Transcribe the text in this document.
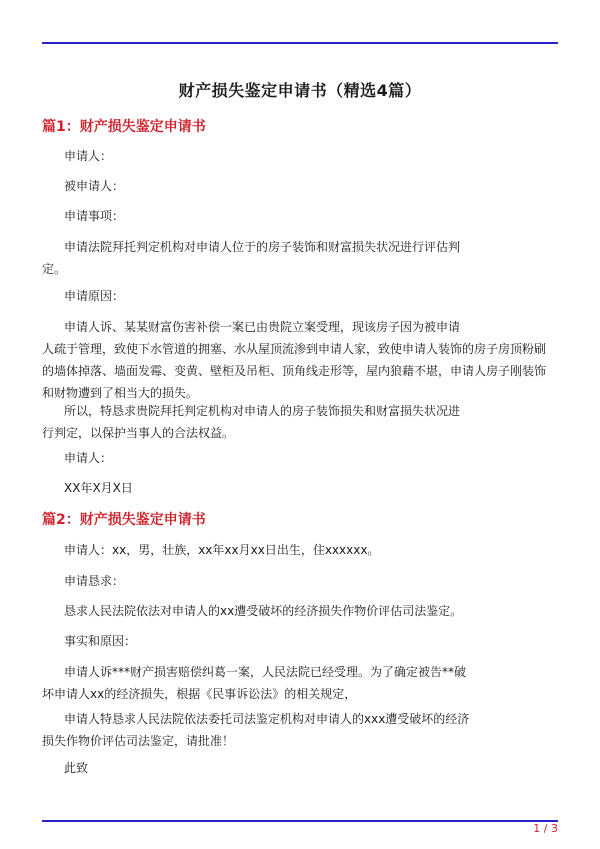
财产损失鉴定申请书（精选4篇）
篇1：财产损失鉴定申请书
申请人：
被申请人：
申请事项：
申请法院拜托判定机构对申请人位于的房子装饰和财富损失状况进行评估判
定。
申请原因：
申请人诉、某某财富伤害补偿一案已由贵院立案受理，现该房子因为被申请
人疏于管理，致使下水管道的拥塞、水从屋顶流渗到申请人家，致使申请人装饰的房子房顶粉刷
的墙体掉落、墙面发霉、变黄、壁柜及吊柜、顶角线走形等，屋内狼藉不堪，申请人房子刚装饰
和财物遭到了相当大的损失。
所以，特恳求贵院拜托判定机构对申请人的房子装饰损失和财富损失状况进
行判定，以保护当事人的合法权益。
申请人：
XX年X月X日
篇2：财产损失鉴定申请书
申请人：xx，男，壮族，xx年xx月xx日出生，住xxxxxx。
申请恳求：
恳求人民法院依法对申请人的xx遭受破坏的经济损失作物价评估司法鉴定。
事实和原因：
申请人诉***财产损害赔偿纠葛一案，人民法院已经受理。为了确定被告**破
坏申请人xx的经济损失，根据《民事诉讼法》的相关规定，
申请人特恳求人民法院依法委托司法鉴定机构对申请人的xxx遭受破坏的经济
损失作物价评估司法鉴定，请批准！
此致
1 / 3
